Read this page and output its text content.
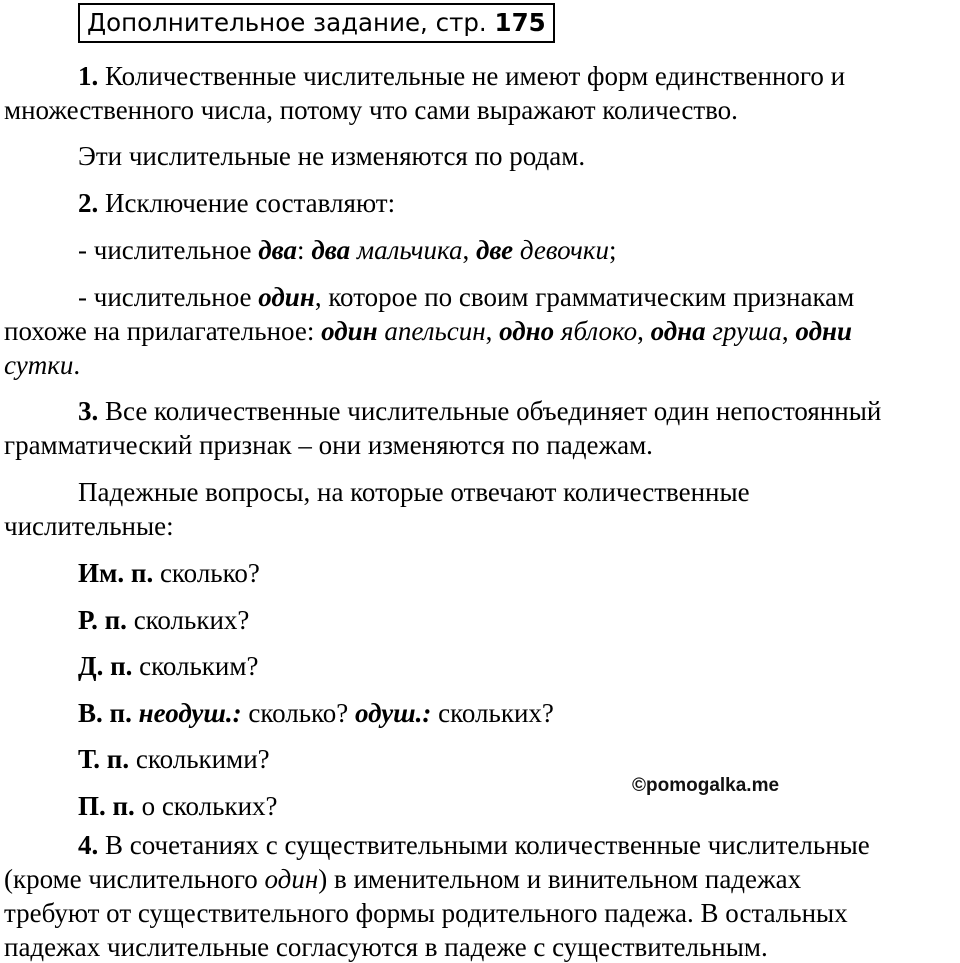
Дополнительное задание, стр. 175
1. Количественные числительные не имеют форм единственного и
множественного числа, потому что сами выражают количество.
Эти числительные не изменяются по родам.
2. Исключение составляют:
- числительное два: два мальчика, две девочки;
- числительное один, которое по своим грамматическим признакам
похоже на прилагательное: один апельсин, одно яблоко, одна груша, одни
сутки.
3. Все количественные числительные объединяет один непостоянный
грамматический признак – они изменяются по падежам.
Падежные вопросы, на которые отвечают количественные
числительные:
Им. п. сколько?
Р. п. скольких?
Д. п. скольким?
В. п. неодуш.: сколько? одуш.: скольких?
Т. п. сколькими?
П. п. о скольких?
©pomogalka.me
4. В сочетаниях с существительными количественные числительные
(кроме числительного один) в именительном и винительном падежах
требуют от существительного формы родительного падежа. В остальных
падежах числительные согласуются в падеже с существительным.
